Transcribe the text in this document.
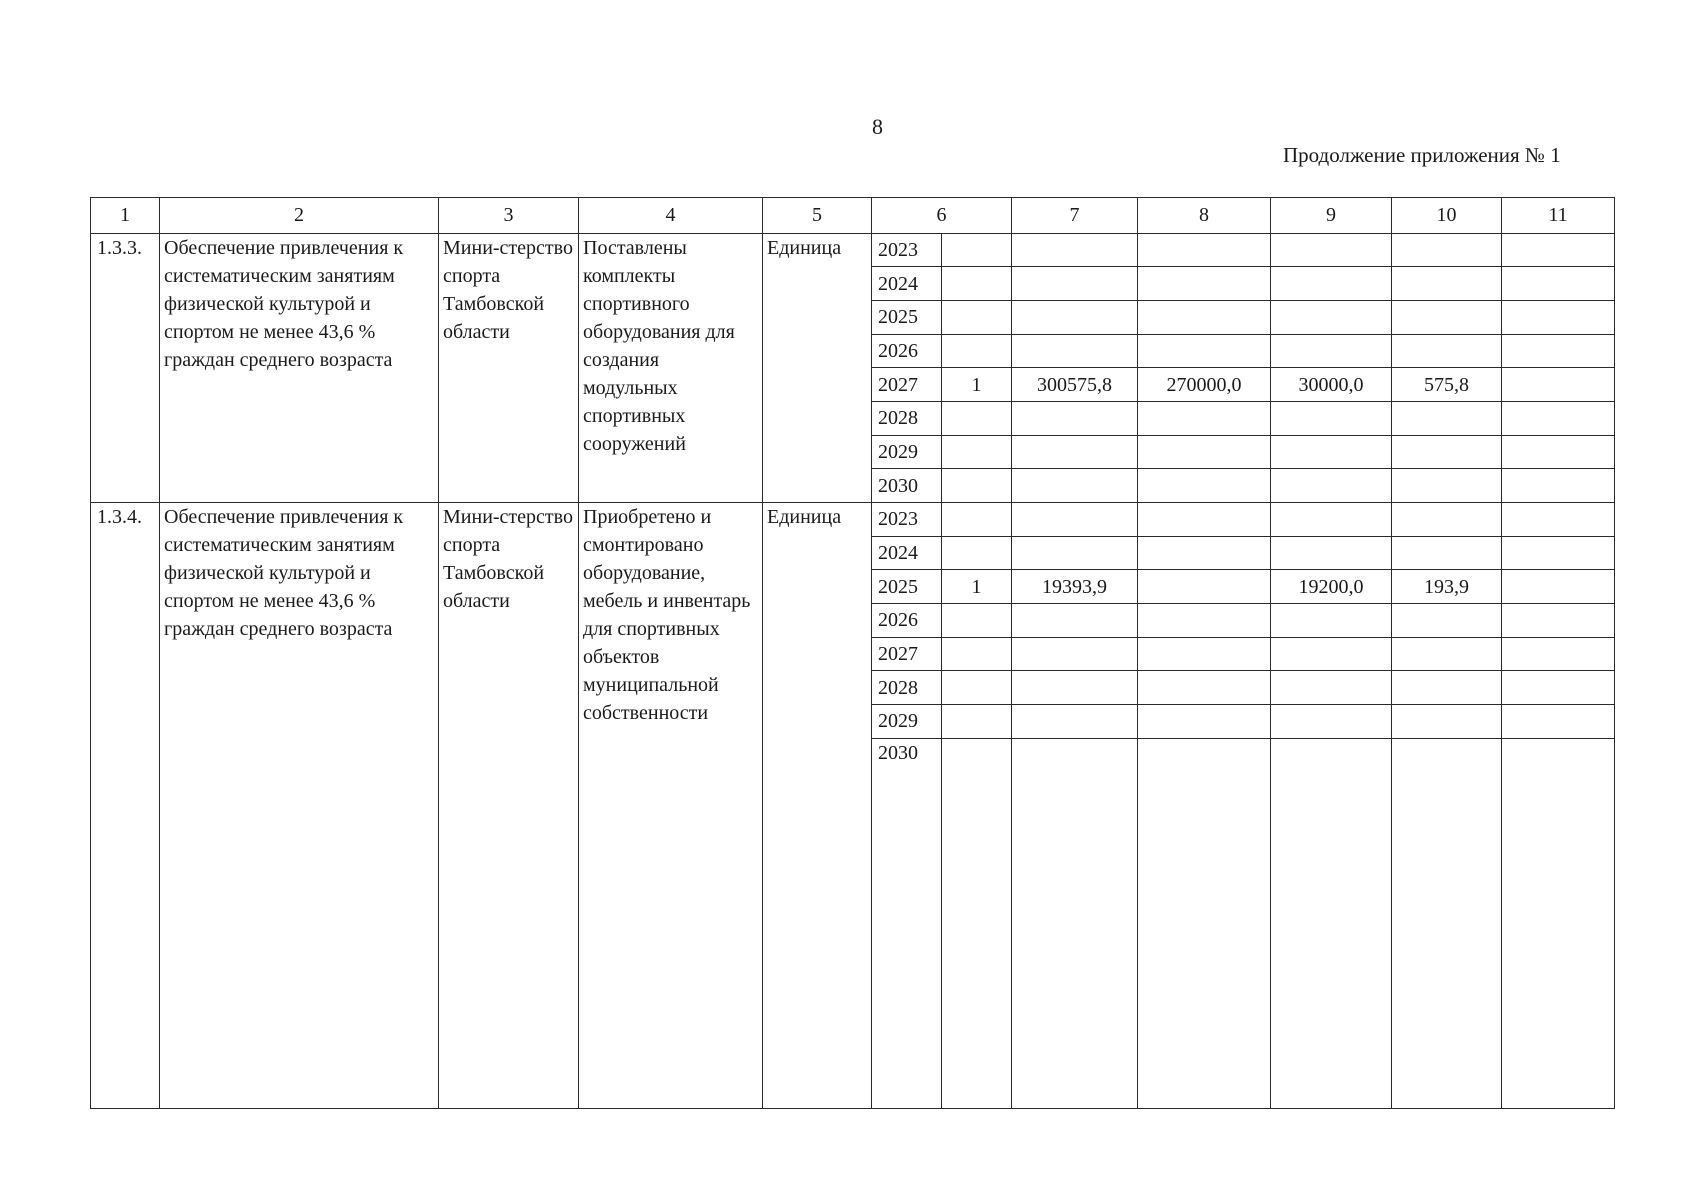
8
Продолжение приложения № 1
1	2	3	4	5	6		7	8	9	10	11
1.3.3.	Обеспечение привлечения к систематическим занятиям физической культурой и спортом не менее 43,6 % граждан среднего возраста	Мини-стерство спорта Тамбовской области	Поставлены комплекты спортивного оборудования для создания модульных спортивных сооружений	Единица	2023						
					2024						
					2025						
					2026						
					2027	1	300575,8	270000,0	30000,0	575,8	
					2028						
					2029						
					2030						
1.3.4.	Обеспечение привлечения к систематическим занятиям физической культурой и спортом не менее 43,6 % граждан среднего возраста	Мини-стерство спорта Тамбовской области	Приобретено и смонтировано оборудование, мебель и инвентарь для спортивных объектов муниципальной собственности	Единица	2023						
					2024						
					2025	1	19393,9		19200,0	193,9	
					2026						
					2027						
					2028						
					2029						
					2030						
